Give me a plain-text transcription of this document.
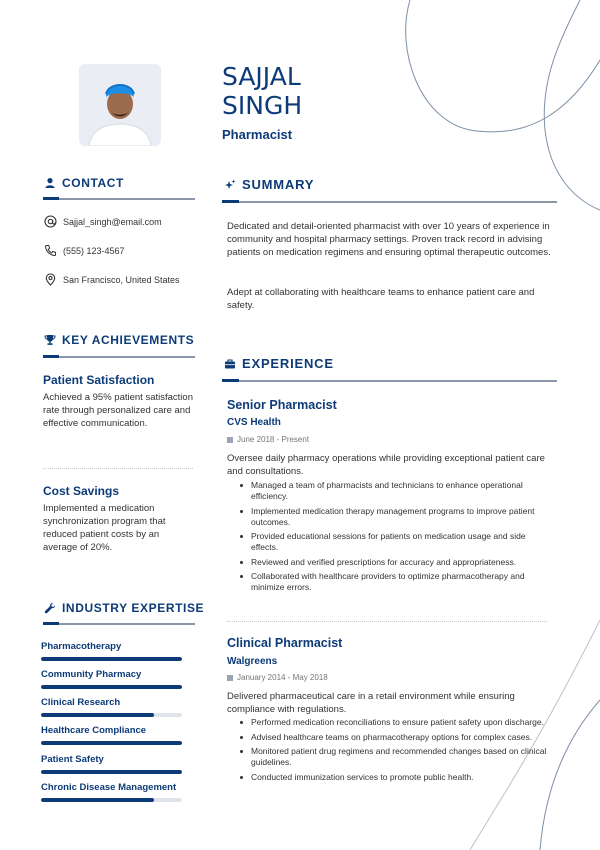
SAJJAL SINGH
Pharmacist
CONTACT
Sajjal_singh@email.com
(555) 123-4567
San Francisco, United States
KEY ACHIEVEMENTS
Patient Satisfaction
Achieved a 95% patient satisfaction rate through personalized care and effective communication.
Cost Savings
Implemented a medication synchronization program that reduced patient costs by an average of 20%.
INDUSTRY EXPERTISE
Pharmacotherapy
Community Pharmacy
Clinical Research
Healthcare Compliance
Patient Safety
Chronic Disease Management
SUMMARY
Dedicated and detail-oriented pharmacist with over 10 years of experience in community and hospital pharmacy settings. Proven track record in advising patients on medication regimens and ensuring optimal therapeutic outcomes.
Adept at collaborating with healthcare teams to enhance patient care and safety.
EXPERIENCE
Senior Pharmacist
CVS Health
June 2018 - Present
Oversee daily pharmacy operations while providing exceptional patient care and consultations.
Managed a team of pharmacists and technicians to enhance operational efficiency.
Implemented medication therapy management programs to improve patient outcomes.
Provided educational sessions for patients on medication usage and side effects.
Reviewed and verified prescriptions for accuracy and appropriateness.
Collaborated with healthcare providers to optimize pharmacotherapy and minimize errors.
Clinical Pharmacist
Walgreens
January 2014 - May 2018
Delivered pharmaceutical care in a retail environment while ensuring compliance with regulations.
Performed medication reconciliations to ensure patient safety upon discharge.
Advised healthcare teams on pharmacotherapy options for complex cases.
Monitored patient drug regimens and recommended changes based on clinical guidelines.
Conducted immunization services to promote public health.
